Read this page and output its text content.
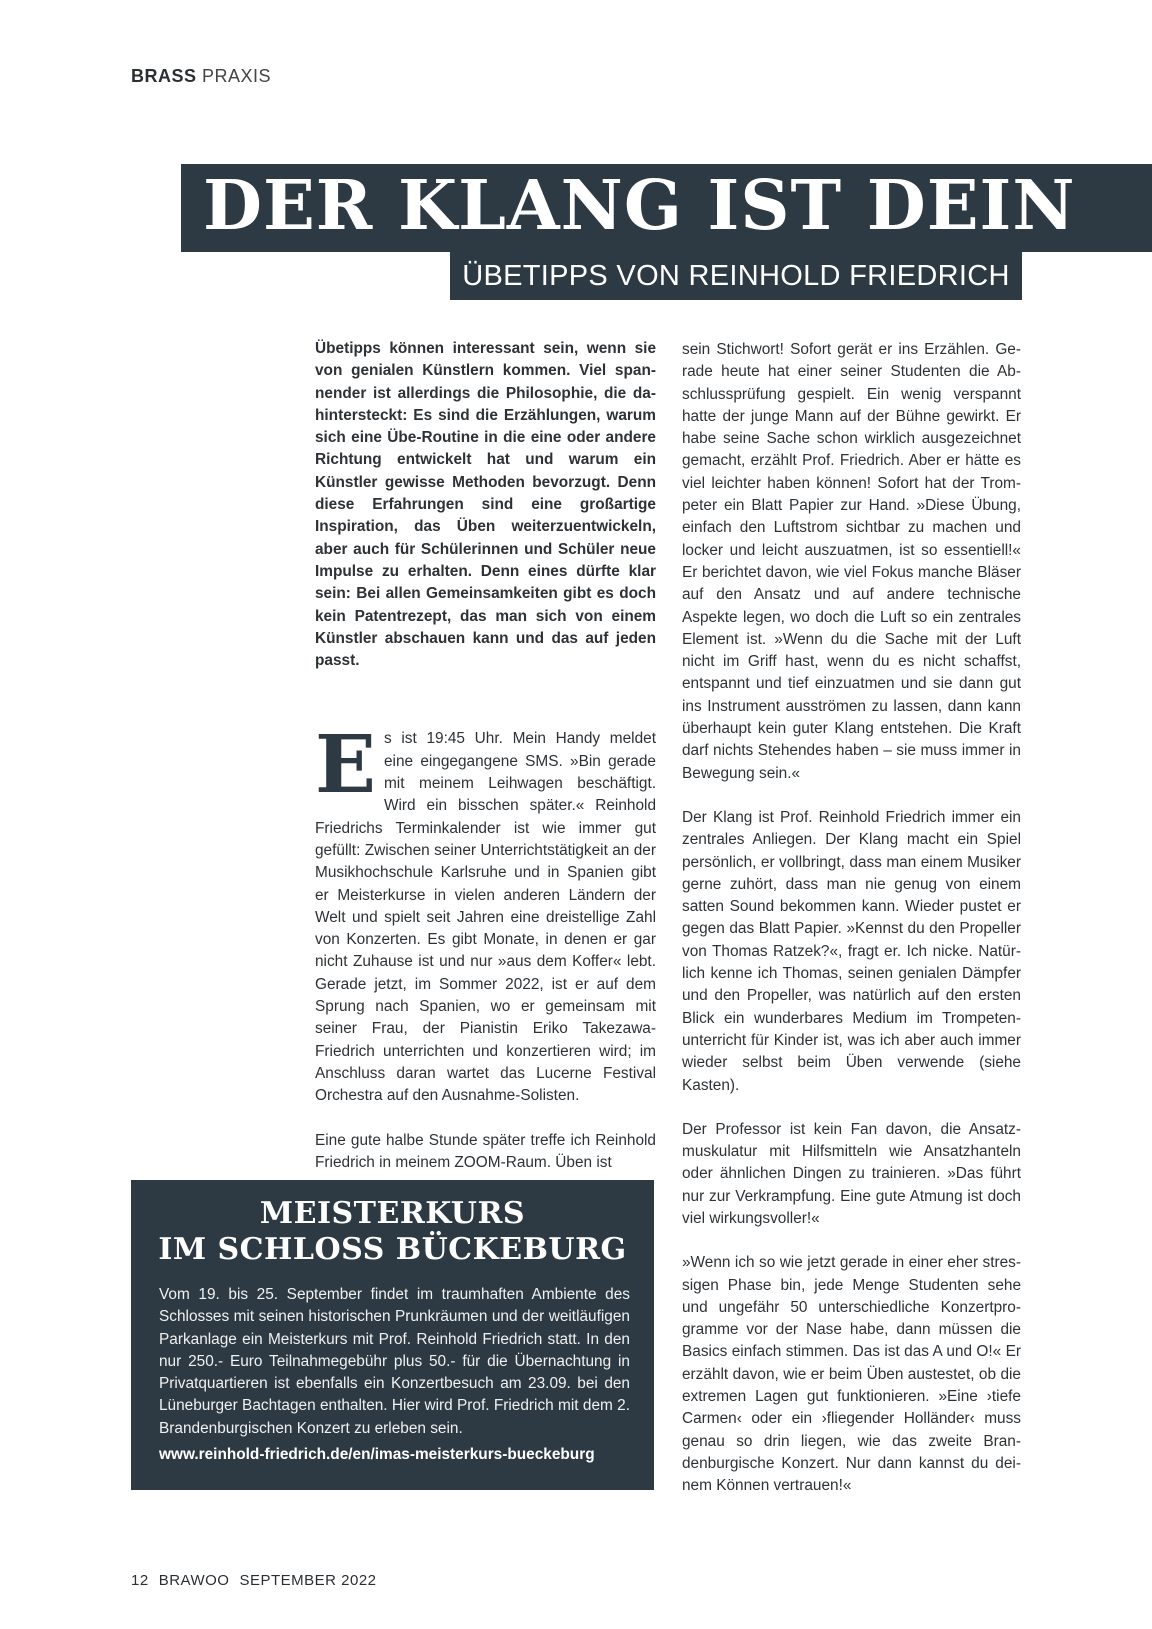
BRASS PRAXIS
DER KLANG IST DEIN
ÜBETIPPS VON REINHOLD FRIEDRICH

Übetipps können interessant sein, wenn sie von genialen Künstlern kommen. Viel spannender ist allerdings die Philosophie, die dahintersteckt: Es sind die Erzählungen, warum sich eine Übe-Routine in die eine oder andere Richtung entwickelt hat und warum ein Künstler gewisse Methoden bevorzugt. Denn diese Erfahrungen sind eine großartige Inspiration, das Üben weiterzuentwickeln, aber auch für Schülerinnen und Schüler neue Impulse zu erhalten. Denn eines dürfte klar sein: Bei allen Gemeinsamkeiten gibt es doch kein Patentrezept, das man sich von einem Künstler abschauen kann und das auf jeden passt.

Es ist 19:45 Uhr. Mein Handy meldet eine eingegangene SMS. »Bin gerade mit meinem Leihwagen beschäftigt. Wird ein bisschen später.« Reinhold Friedrichs Terminkalender ist wie immer gut gefüllt: Zwischen seiner Unterrichtstätigkeit an der Musikhochschule Karlsruhe und in Spanien gibt er Meisterkurse in vielen anderen Ländern der Welt und spielt seit Jahren eine dreistellige Zahl von Konzerten. Es gibt Monate, in denen er gar nicht Zuhause ist und nur »aus dem Koffer« lebt. Gerade jetzt, im Sommer 2022, ist er auf dem Sprung nach Spanien, wo er gemeinsam mit seiner Frau, der Pianistin Eriko Takezawa-Friedrich unterrichten und konzertieren wird; im Anschluss daran wartet das Lucerne Festival Orchestra auf den Ausnahme-Solisten.

Eine gute halbe Stunde später treffe ich Reinhold Friedrich in meinem ZOOM-Raum. Üben ist

sein Stichwort! Sofort gerät er ins Erzählen. Gerade heute hat einer seiner Studenten die Abschlussprüfung gespielt. Ein wenig verspannt hatte der junge Mann auf der Bühne gewirkt. Er habe seine Sache schon wirklich ausgezeichnet gemacht, erzählt Prof. Friedrich. Aber er hätte es viel leichter haben können! Sofort hat der Trompeter ein Blatt Papier zur Hand. »Diese Übung, einfach den Luftstrom sichtbar zu machen und locker und leicht auszuatmen, ist so essentiell!« Er berichtet davon, wie viel Fokus manche Bläser auf den Ansatz und auf andere technische Aspekte legen, wo doch die Luft so ein zentrales Element ist. »Wenn du die Sache mit der Luft nicht im Griff hast, wenn du es nicht schaffst, entspannt und tief einzuatmen und sie dann gut ins Instrument ausströmen zu lassen, dann kann überhaupt kein guter Klang entstehen. Die Kraft darf nichts Stehendes haben – sie muss immer in Bewegung sein.«

Der Klang ist Prof. Reinhold Friedrich immer ein zentrales Anliegen. Der Klang macht ein Spiel persönlich, er vollbringt, dass man einem Musiker gerne zuhört, dass man nie genug von einem satten Sound bekommen kann. Wieder pustet er gegen das Blatt Papier. »Kennst du den Propeller von Thomas Ratzek?«, fragt er. Ich nicke. Natürlich kenne ich Thomas, seinen genialen Dämpfer und den Propeller, was natürlich auf den ersten Blick ein wunderbares Medium im Trompetenunterricht für Kinder ist, was ich aber auch immer wieder selbst beim Üben verwende (siehe Kasten).

Der Professor ist kein Fan davon, die Ansatzmuskulatur mit Hilfsmitteln wie Ansatzhanteln oder ähnlichen Dingen zu trainieren. »Das führt nur zur Verkrampfung. Eine gute Atmung ist doch viel wirkungsvoller!«

»Wenn ich so wie jetzt gerade in einer eher stressigen Phase bin, jede Menge Studenten sehe und ungefähr 50 unterschiedliche Konzertprogramme vor der Nase habe, dann müssen die Basics einfach stimmen. Das ist das A und O!« Er erzählt davon, wie er beim Üben austestet, ob die extremen Lagen gut funktionieren. »Eine ›tiefe Carmen‹ oder ein ›fliegender Holländer‹ muss genau so drin liegen, wie das zweite Brandenburgische Konzert. Nur dann kannst du deinem Können vertrauen!«

MEISTERKURS
IM SCHLOSS BÜCKEBURG
Vom 19. bis 25. September findet im traumhaften Ambiente des Schlosses mit seinen historischen Prunkräumen und der weitläufigen Parkanlage ein Meisterkurs mit Prof. Reinhold Friedrich statt. In den nur 250.- Euro Teilnahmegebühr plus 50.- für die Übernachtung in Privatquartieren ist ebenfalls ein Konzertbesuch am 23.09. bei den Lüneburger Bachtagen enthalten. Hier wird Prof. Friedrich mit dem 2. Brandenburgischen Konzert zu erleben sein.
www.reinhold-friedrich.de/en/imas-meisterkurs-bueckeburg
12 BRAWOO SEPTEMBER 2022
